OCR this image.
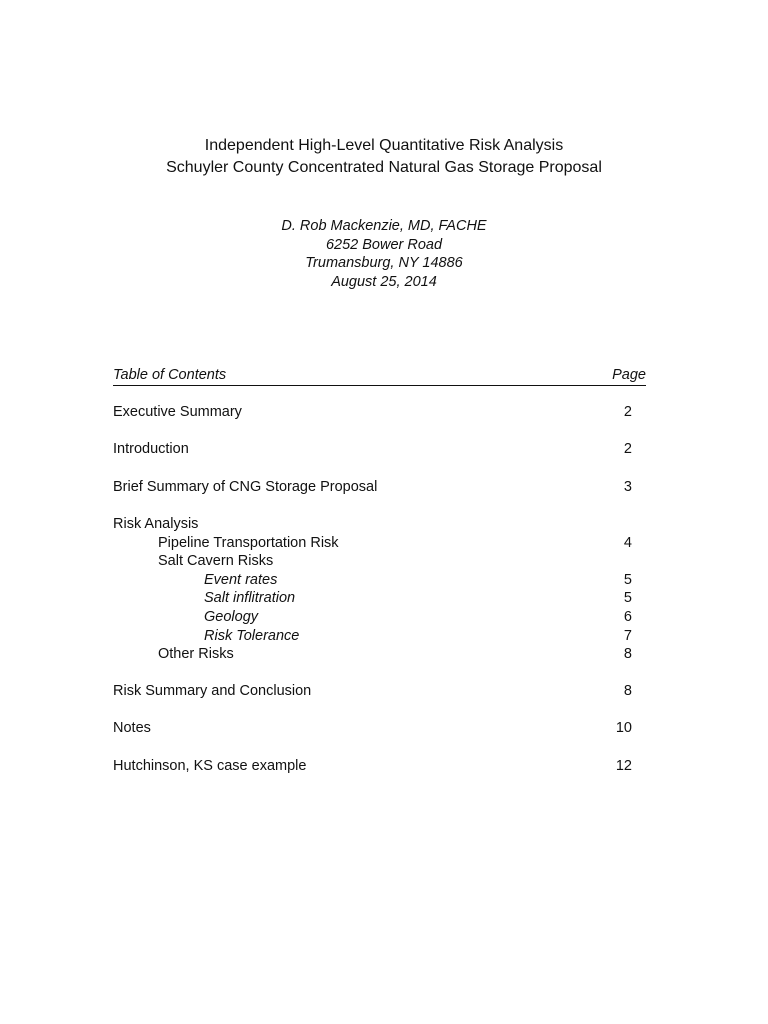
Independent High-Level Quantitative Risk Analysis
Schuyler County Concentrated Natural Gas Storage Proposal
D. Rob Mackenzie, MD, FACHE
6252 Bower Road
Trumansburg, NY 14886
August 25, 2014
Table of Contents	Page
Executive Summary	2
Introduction	2
Brief Summary of CNG Storage Proposal	3
Risk Analysis
Pipeline Transportation Risk	4
Salt Cavern Risks
Event rates	5
Salt inflitration	5
Geology	6
Risk Tolerance	7
Other Risks	8
Risk Summary and Conclusion	8
Notes	10
Hutchinson, KS case example	12
